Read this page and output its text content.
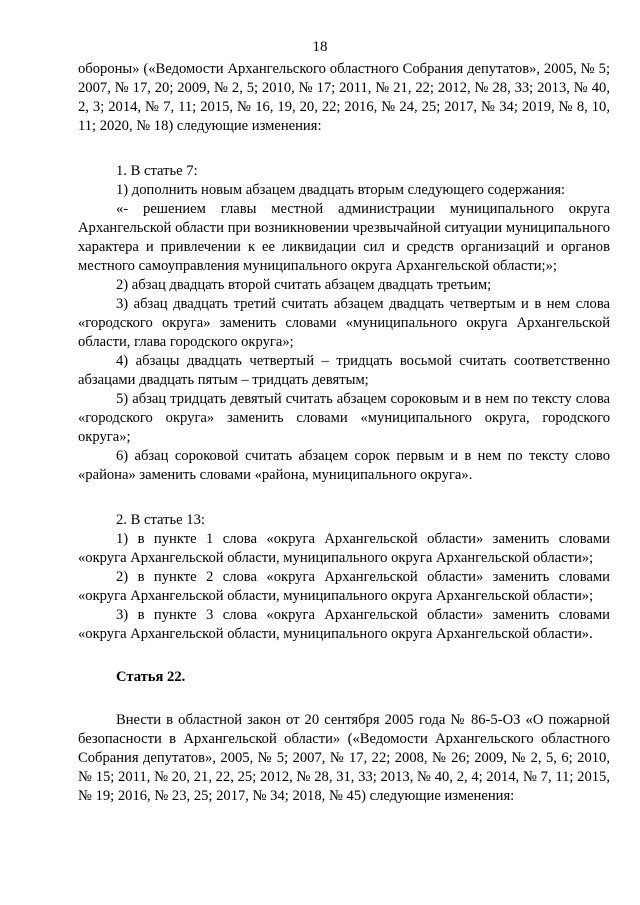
18

обороны» («Ведомости Архангельского областного Собрания депутатов», 2005, № 5; 2007, № 17, 20; 2009, № 2, 5; 2010, № 17; 2011, № 21, 22; 2012, № 28, 33; 2013, № 40, 2, 3; 2014, № 7, 11; 2015, № 16, 19, 20, 22; 2016, № 24, 25; 2017, № 34; 2019, № 8, 10, 11; 2020, № 18) следующие изменения:

1. В статье 7:

1) дополнить новым абзацем двадцать вторым следующего содержания:

«- решением главы местной администрации муниципального округа Архангельской области при возникновении чрезвычайной ситуации муниципального характера и привлечении к ее ликвидации сил и средств организаций и органов местного самоуправления муниципального округа Архангельской области;»;

2) абзац двадцать второй считать абзацем двадцать третьим;

3) абзац двадцать третий считать абзацем двадцать четвертым и в нем слова «городского округа» заменить словами «муниципального округа Архангельской области, глава городского округа»;

4) абзацы двадцать четвертый – тридцать восьмой считать соответственно абзацами двадцать пятым – тридцать девятым;

5) абзац тридцать девятый считать абзацем сороковым и в нем по тексту слова «городского округа» заменить словами «муниципального округа, городского округа»;

6) абзац сороковой считать абзацем сорок первым и в нем по тексту слово «района» заменить словами «района, муниципального округа».

2. В статье 13:

1) в пункте 1 слова «округа Архангельской области» заменить словами «округа Архангельской области, муниципального округа Архангельской области»;

2) в пункте 2 слова «округа Архангельской области» заменить словами «округа Архангельской области, муниципального округа Архангельской области»;

3) в пункте 3 слова «округа Архангельской области» заменить словами «округа Архангельской области, муниципального округа Архангельской области».

Статья 22.

Внести в областной закон от 20 сентября 2005 года № 86-5-ОЗ «О пожарной безопасности в Архангельской области» («Ведомости Архангельского областного Собрания депутатов», 2005, № 5; 2007, № 17, 22; 2008, № 26; 2009, № 2, 5, 6; 2010, № 15; 2011, № 20, 21, 22, 25; 2012, № 28, 31, 33; 2013, № 40, 2, 4; 2014, № 7, 11; 2015, № 19; 2016, № 23, 25; 2017, № 34; 2018, № 45) следующие изменения:
